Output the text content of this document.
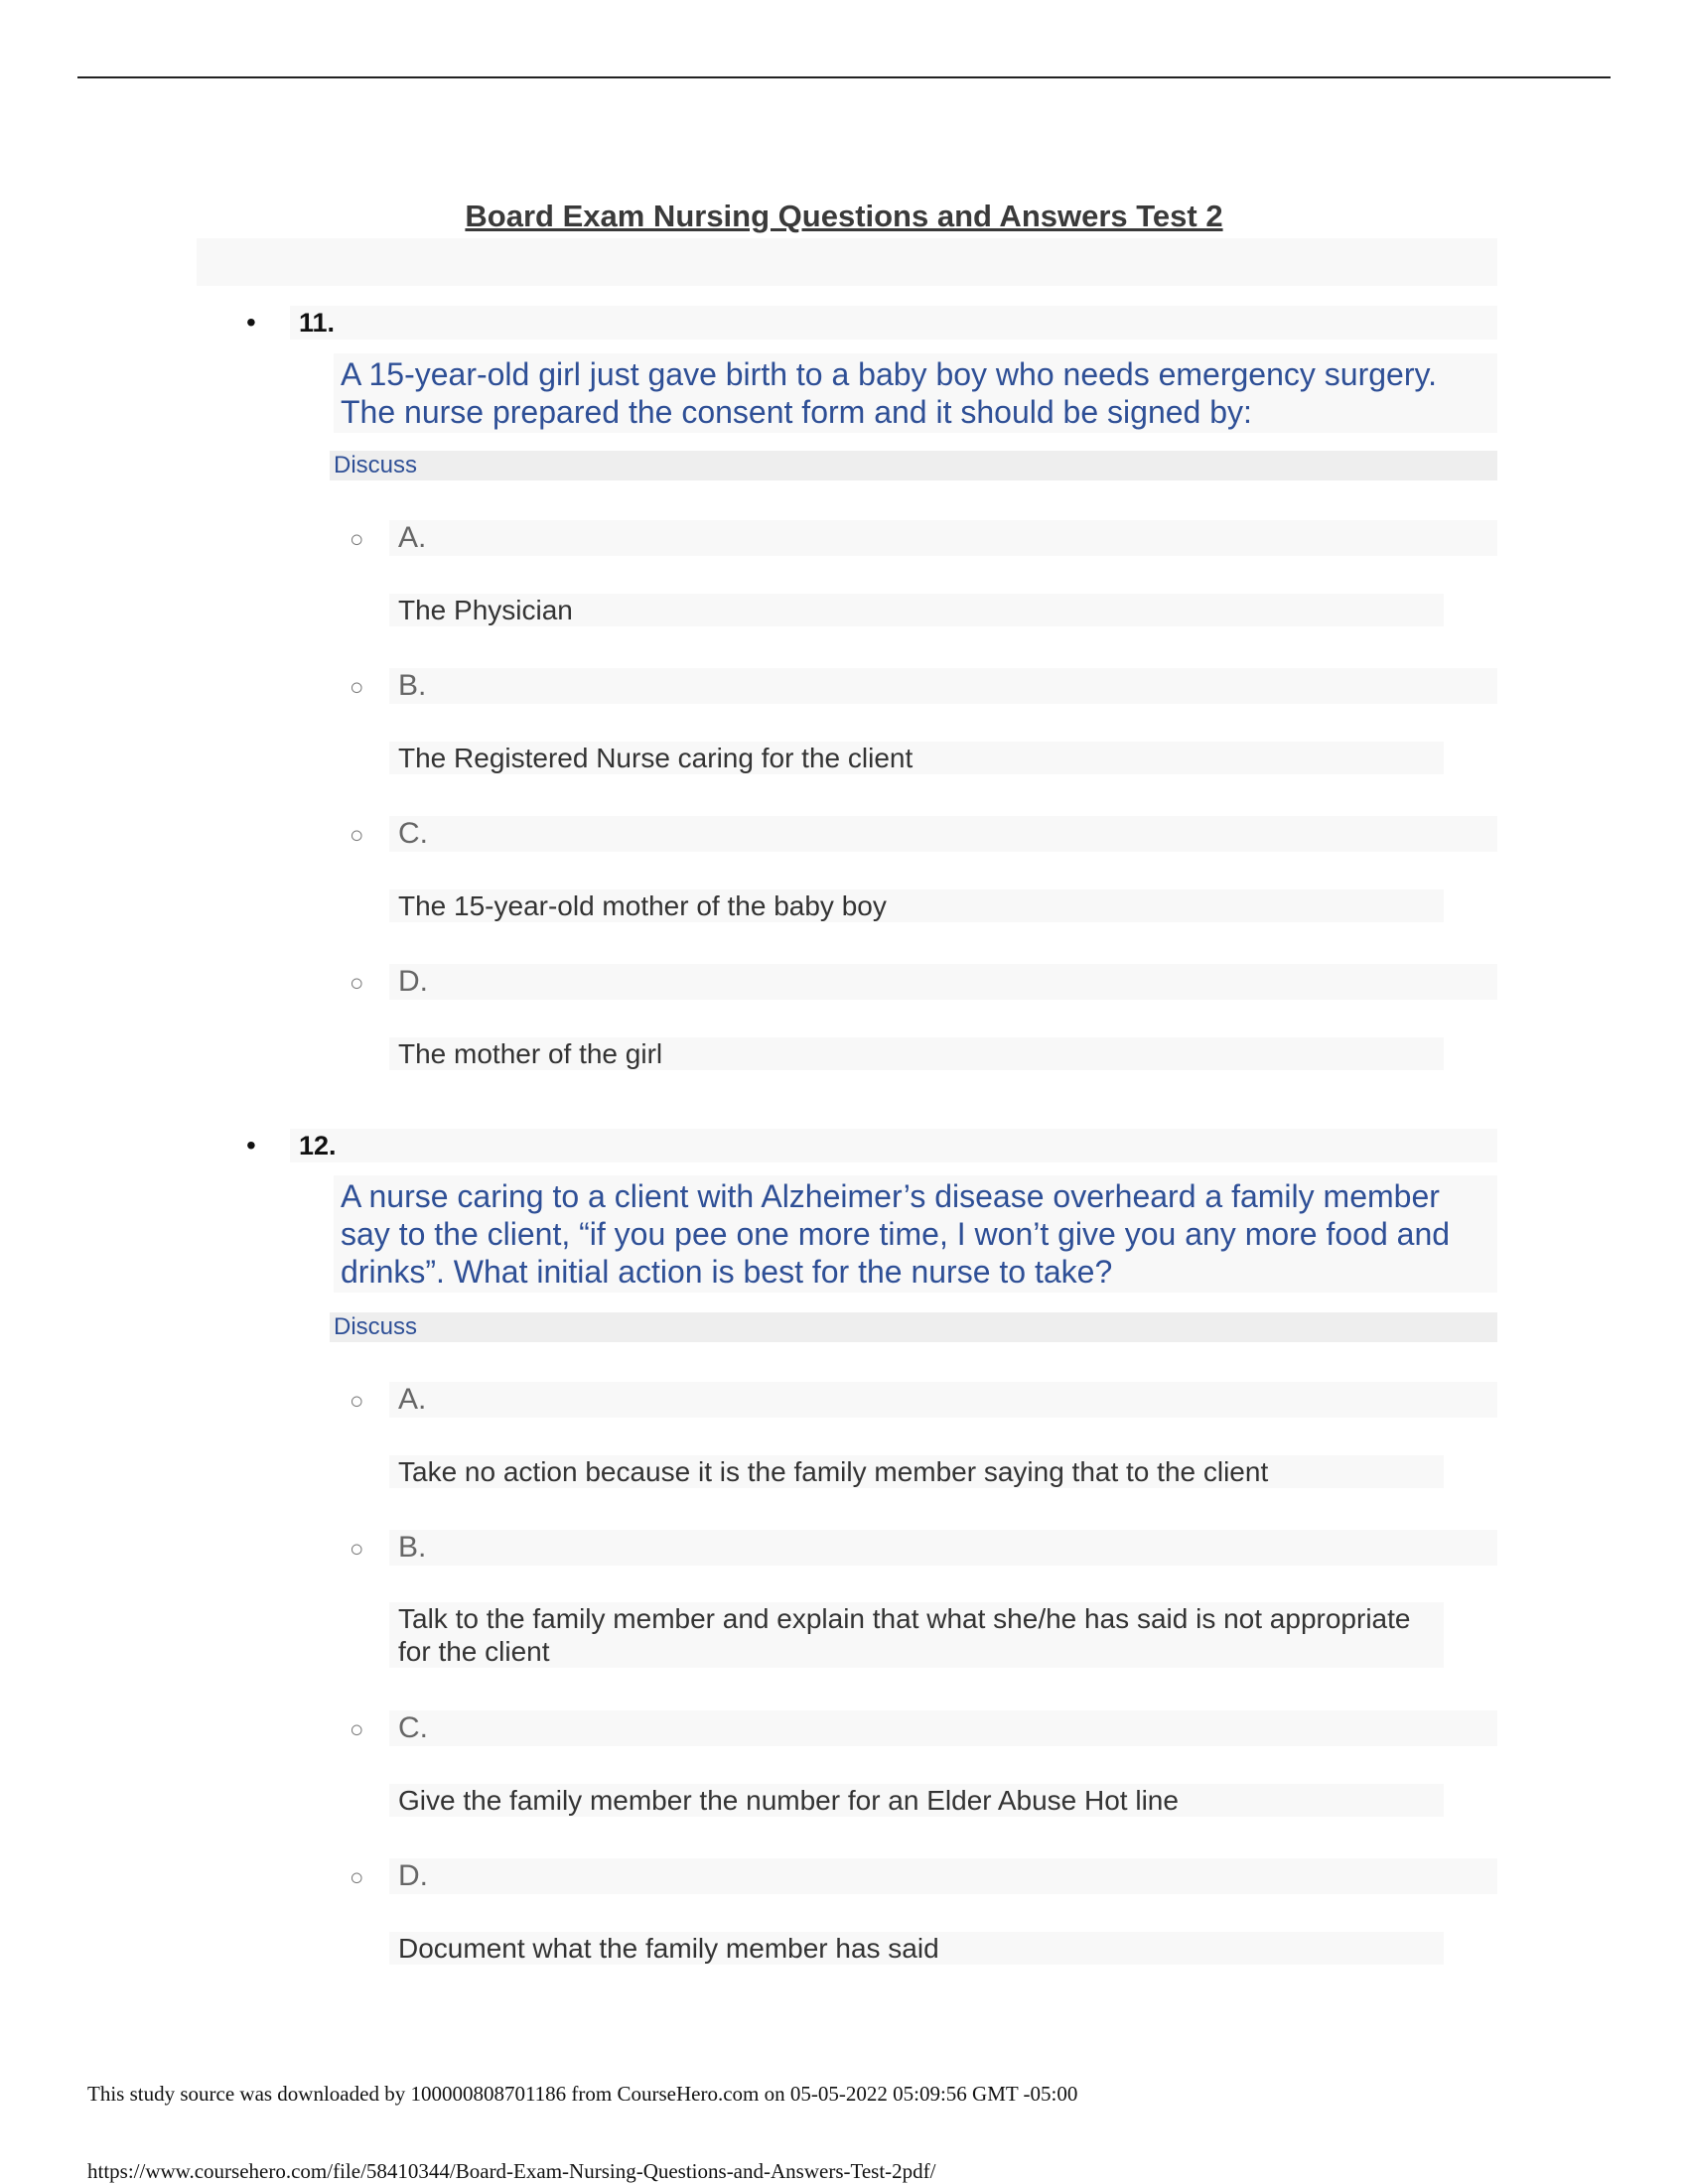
Board Exam Nursing Questions and Answers Test 2
• 11.
A 15-year-old girl just gave birth to a baby boy who needs emergency surgery. The nurse prepared the consent form and it should be signed by:
Discuss
○ A.
The Physician
○ B.
The Registered Nurse caring for the client
○ C.
The 15-year-old mother of the baby boy
○ D.
The mother of the girl
• 12.
A nurse caring to a client with Alzheimer’s disease overheard a family member say to the client, “if you pee one more time, I won’t give you any more food and drinks”. What initial action is best for the nurse to take?
Discuss
○ A.
Take no action because it is the family member saying that to the client
○ B.
Talk to the family member and explain that what she/he has said is not appropriate for the client
○ C.
Give the family member the number for an Elder Abuse Hot line
○ D.
Document what the family member has said
This study source was downloaded by 100000808701186 from CourseHero.com on 05-05-2022 05:09:56 GMT -05:00
https://www.coursehero.com/file/58410344/Board-Exam-Nursing-Questions-and-Answers-Test-2pdf/
